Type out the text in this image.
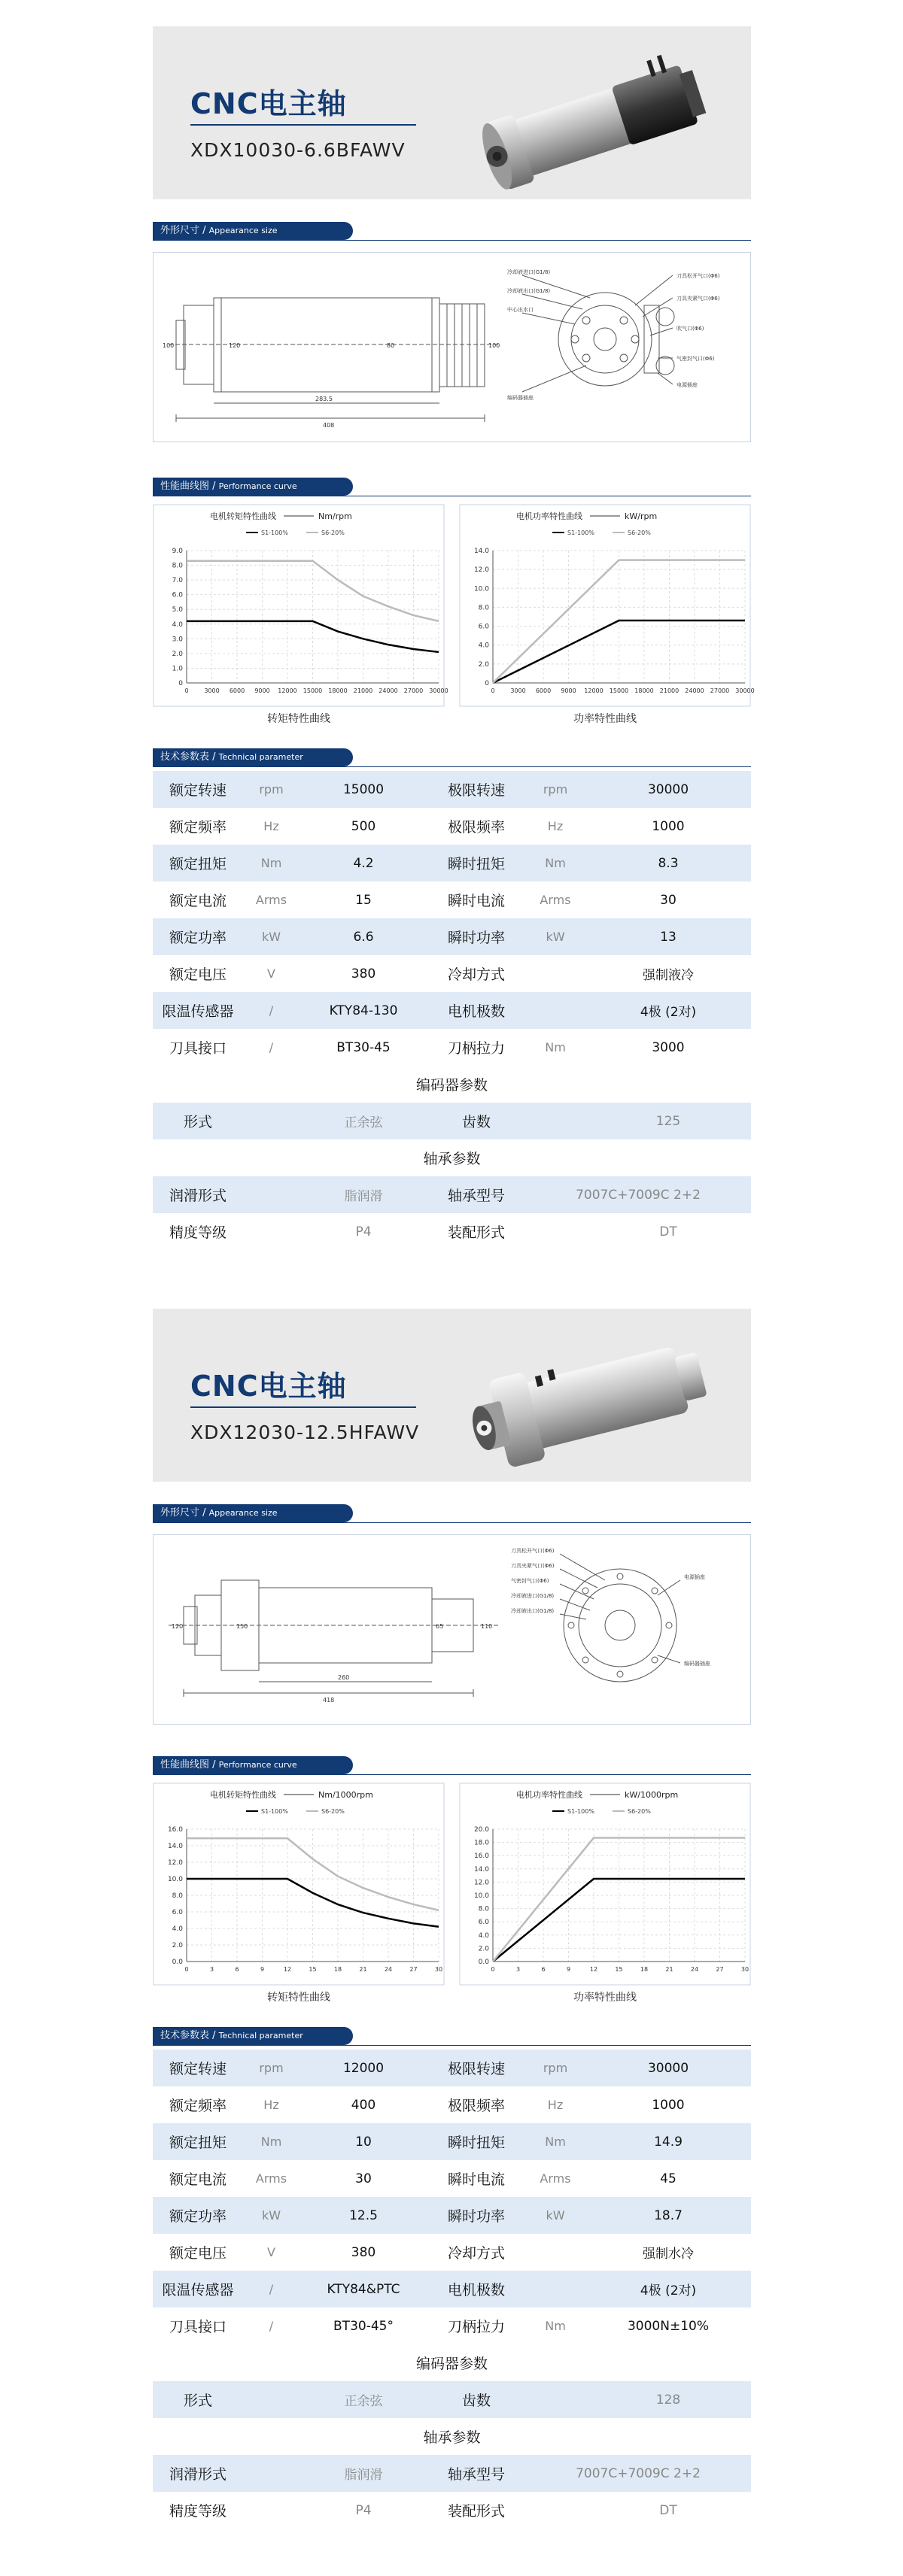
CNC电主轴
XDX10030-6.6BFAWV
外形尺寸 / Appearance size
283.5
408
100	120	80	100
冷却液进口(G1/8)
冷却液出口(G1/8)
中心出水口
编码器插座
刀具松开气口(Φ6)
刀具夹紧气口(Φ6)
吹气口(Φ6)
气密封气口(Φ6)
电源插座
性能曲线图 / Performance curve
电机转矩特性曲线	Nm/rpm
S1-100%	S6-20%
0
1.0
2.0
3.0
4.0
5.0
6.0
7.0
8.0
9.0
0	3000 6000 9000 12000 15000 18000 21000 24000 27000 30000
转矩特性曲线
电机功率特性曲线	kW/rpm
S1-100%	S6-20%
0
2.0
4.0
6.0
8.0
10.0
12.0
14.0
0	3000 6000 9000 12000 15000 18000 21000 24000 27000 30000
功率特性曲线
技术参数表 / Technical parameter
额定转速	rpm	15000	极限转速	rpm	30000
额定频率	Hz	500	极限频率	Hz	1000
额定扭矩	Nm	4.2	瞬时扭矩	Nm	8.3
额定电流	Arms	15	瞬时电流	Arms	30
额定功率	kW	6.6	瞬时功率	kW	13
额定电压	V	380	冷却方式		强制液冷
限温传感器	/	KTY84-130	电机极数		4极 (2对)
刀具接口	/	BT30-45	刀柄拉力	Nm	3000
编码器参数					
形式		正余弦	齿数		125
轴承参数					
润滑形式		脂润滑	轴承型号	7007C+7009C 2+2	
精度等级		P4	装配形式		DT
CNC电主轴
XDX12030-12.5HFAWV
外形尺寸 / Appearance size
260
418
120	150	65	110
刀具松开气口(Φ6)
刀具夹紧气口(Φ6)
气密封气口(Φ6)
冷却液进口(G1/8)
冷却液出口(G1/8)
电源插座
编码器插座
性能曲线图 / Performance curve
电机转矩特性曲线	Nm/1000rpm
S1-100%	S6-20%
0.0
2.0
4.0
6.0
8.0
10.0
12.0
14.0
16.0
0	3	6	9	12	15	18	21	24	27	30
转矩特性曲线
电机功率特性曲线	kW/1000rpm
S1-100%	S6-20%
0.0
2.0
4.0
6.0
8.0
10.0
12.0
14.0
16.0
18.0
20.0
0	3	6	9	12	15	18	21	24	27	30
功率特性曲线
技术参数表 / Technical parameter
额定转速	rpm	12000	极限转速	rpm	30000
额定频率	Hz	400	极限频率	Hz	1000
额定扭矩	Nm	10	瞬时扭矩	Nm	14.9
额定电流	Arms	30	瞬时电流	Arms	45
额定功率	kW	12.5	瞬时功率	kW	18.7
额定电压	V	380	冷却方式		强制水冷
限温传感器	/	KTY84&PTC	电机极数		4极 (2对)
刀具接口	/	BT30-45°	刀柄拉力	Nm	3000N±10%
编码器参数					
形式		正余弦	齿数		128
轴承参数					
润滑形式		脂润滑	轴承型号	7007C+7009C 2+2	
精度等级		P4	装配形式		DT
